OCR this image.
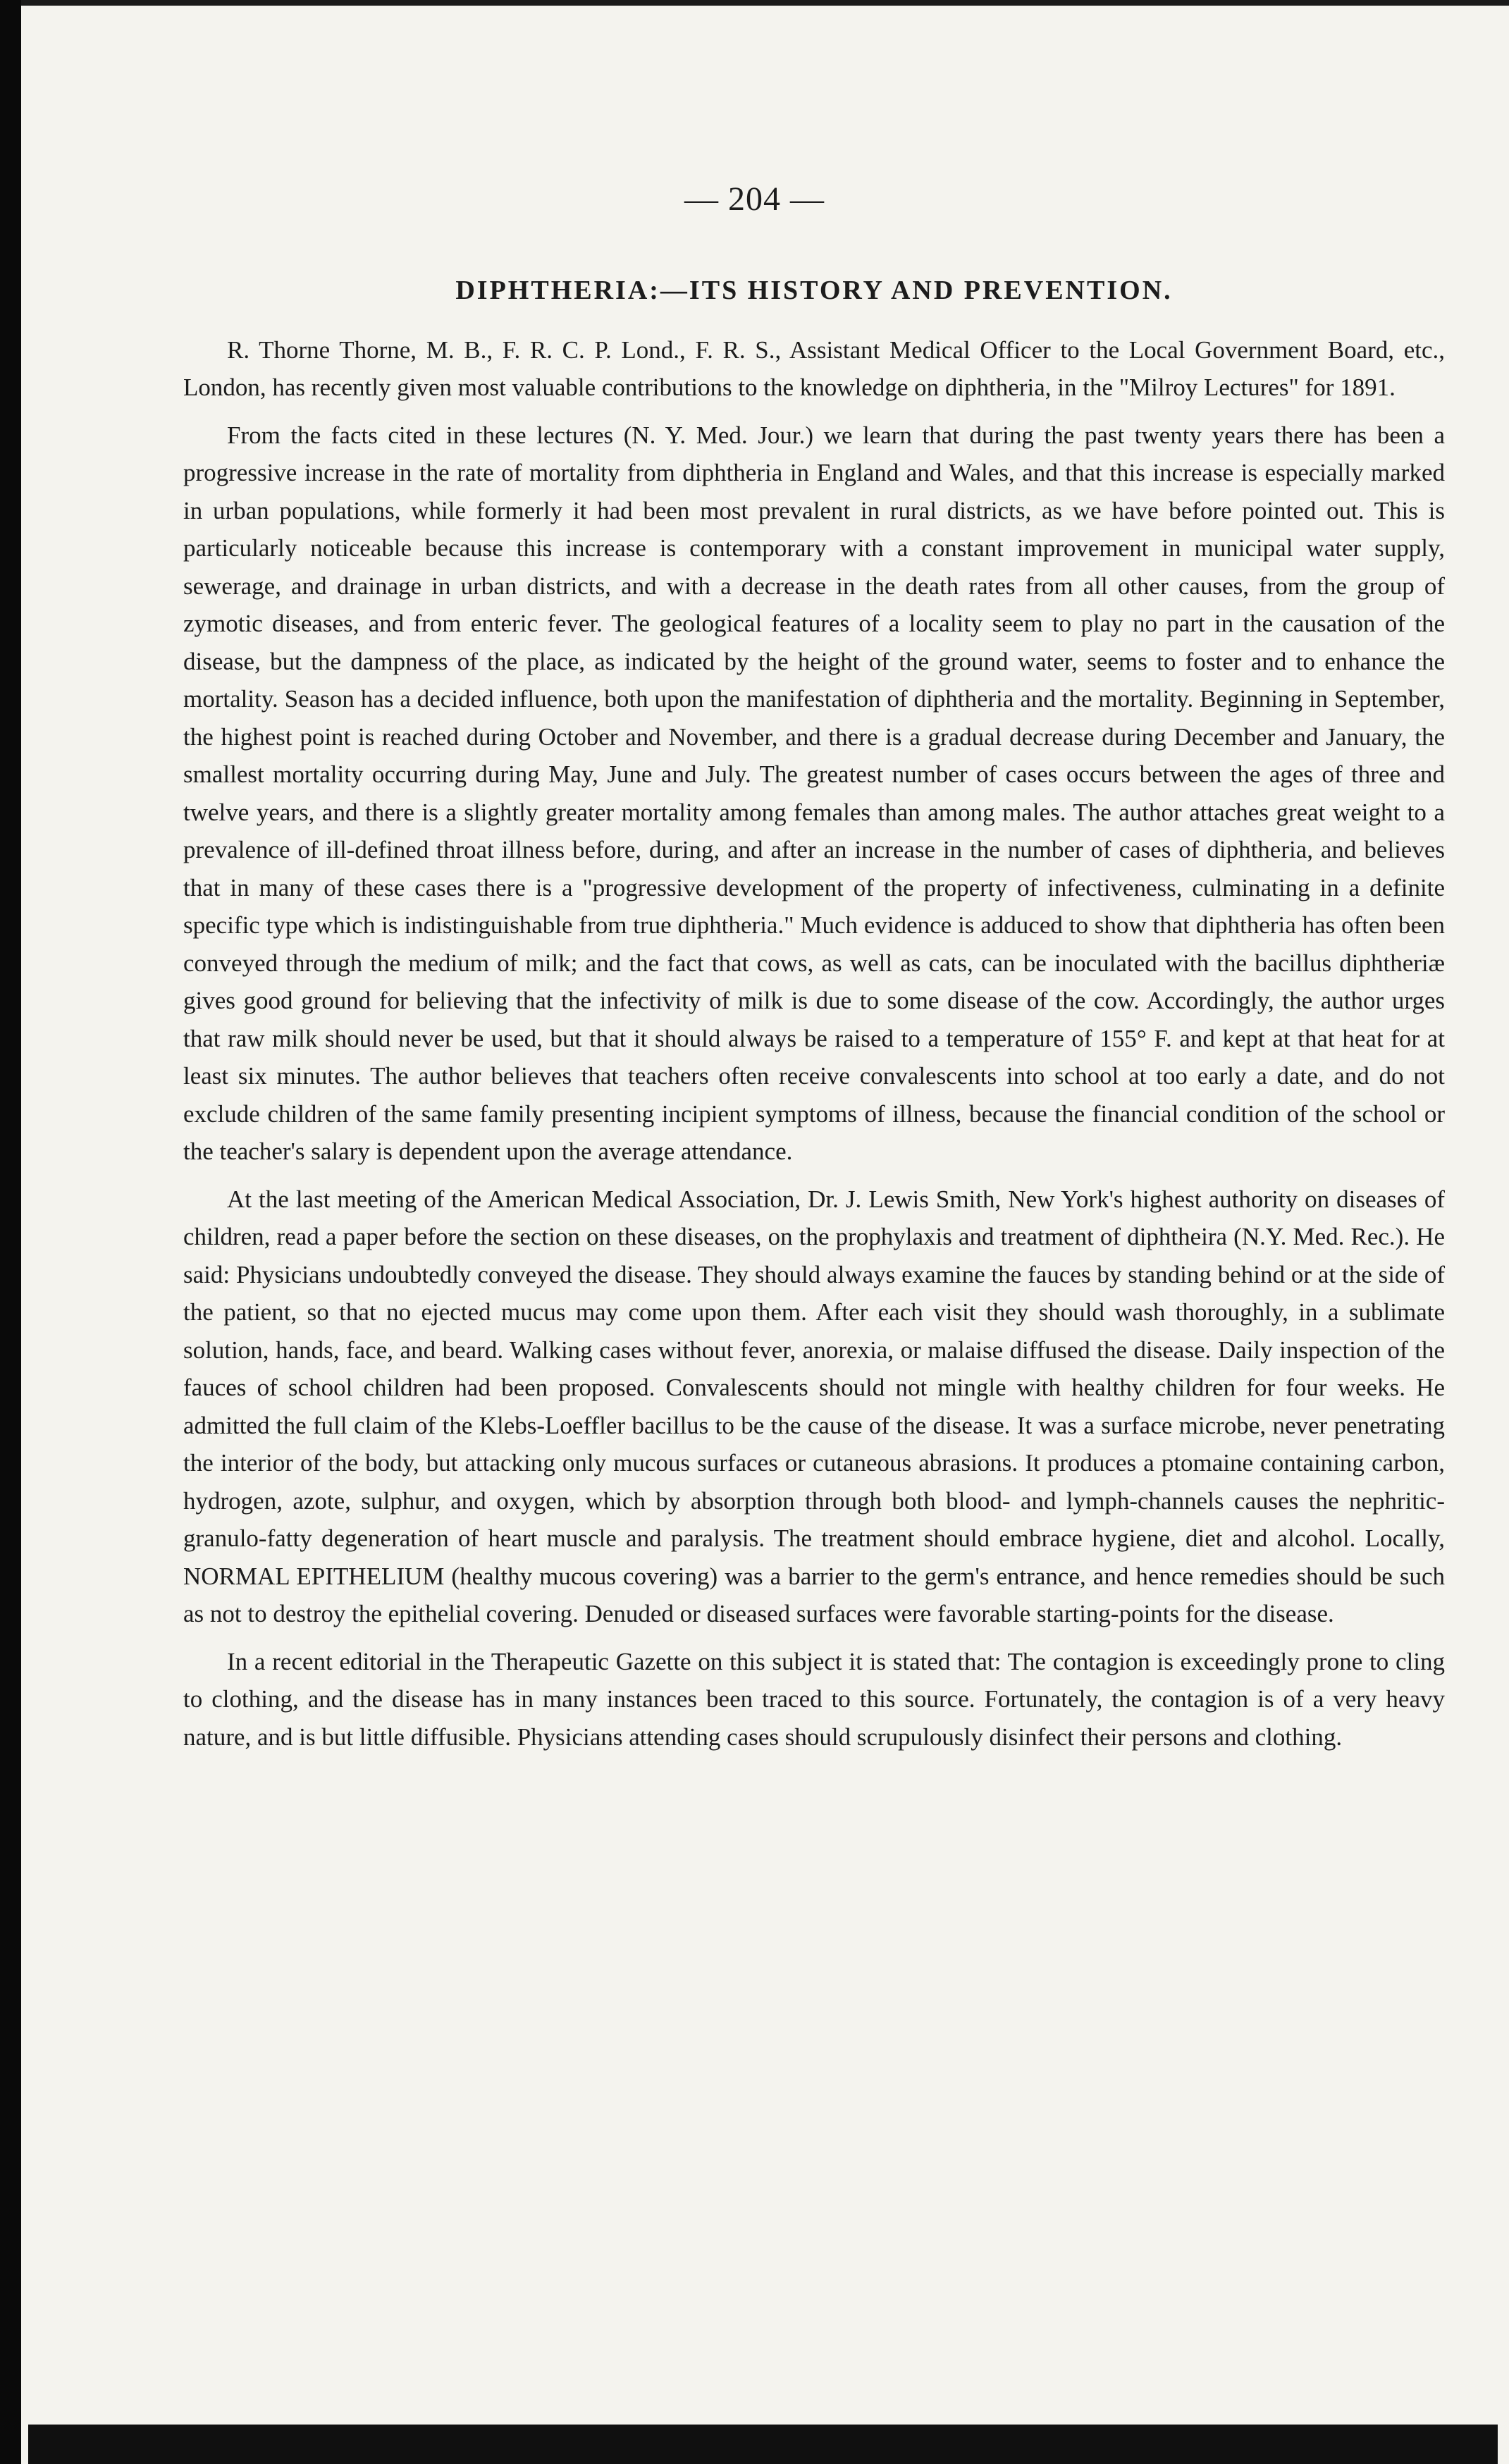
— 204 —
DIPHTHERIA:—ITS HISTORY AND PREVENTION.

R. Thorne Thorne, M. B., F. R. C. P. Lond., F. R. S., Assistant Medical Officer to the Local Government Board, etc., London, has recently given most valuable contributions to the knowledge on diphtheria, in the "Milroy Lectures" for 1891.

From the facts cited in these lectures (N. Y. Med. Jour.) we learn that during the past twenty years there has been a progressive increase in the rate of mortality from diphtheria in England and Wales, and that this increase is especially marked in urban populations, while formerly it had been most prevalent in rural districts, as we have before pointed out. This is particularly noticeable because this increase is contemporary with a constant improvement in municipal water supply, sewerage, and drainage in urban districts, and with a decrease in the death rates from all other causes, from the group of zymotic diseases, and from enteric fever. The geological features of a locality seem to play no part in the causation of the disease, but the dampness of the place, as indicated by the height of the ground water, seems to foster and to enhance the mortality. Season has a decided influence, both upon the manifestation of diphtheria and the mortality. Beginning in September, the highest point is reached during October and November, and there is a gradual decrease during December and January, the smallest mortality occurring during May, June and July. The greatest number of cases occurs between the ages of three and twelve years, and there is a slightly greater mortality among females than among males. The author attaches great weight to a prevalence of ill-defined throat illness before, during, and after an increase in the number of cases of diphtheria, and believes that in many of these cases there is a "progressive development of the property of infectiveness, culminating in a definite specific type which is indistinguishable from true diphtheria." Much evidence is adduced to show that diphtheria has often been conveyed through the medium of milk; and the fact that cows, as well as cats, can be inoculated with the bacillus diphtheriæ gives good ground for believing that the infectivity of milk is due to some disease of the cow. Accordingly, the author urges that raw milk should never be used, but that it should always be raised to a temperature of 155° F. and kept at that heat for at least six minutes. The author believes that teachers often receive convalescents into school at too early a date, and do not exclude children of the same family presenting incipient symptoms of illness, because the financial condition of the school or the teacher's salary is dependent upon the average attendance.

At the last meeting of the American Medical Association, Dr. J. Lewis Smith, New York's highest authority on diseases of children, read a paper before the section on these diseases, on the prophylaxis and treatment of diphtheira (N.Y. Med. Rec.). He said: Physicians undoubtedly conveyed the disease. They should always examine the fauces by standing behind or at the side of the patient, so that no ejected mucus may come upon them. After each visit they should wash thoroughly, in a sublimate solution, hands, face, and beard. Walking cases without fever, anorexia, or malaise diffused the disease. Daily inspection of the fauces of school children had been proposed. Convalescents should not mingle with healthy children for four weeks. He admitted the full claim of the Klebs-Loeffler bacillus to be the cause of the disease. It was a surface microbe, never penetrating the interior of the body, but attacking only mucous surfaces or cutaneous abrasions. It produces a ptomaine containing carbon, hydrogen, azote, sulphur, and oxygen, which by absorption through both blood- and lymph-channels causes the nephritic-granulo-fatty degeneration of heart muscle and paralysis. The treatment should embrace hygiene, diet and alcohol. Locally, NORMAL EPITHELIUM (healthy mucous covering) was a barrier to the germ's entrance, and hence remedies should be such as not to destroy the epithelial covering. Denuded or diseased surfaces were favorable starting-points for the disease.

In a recent editorial in the Therapeutic Gazette on this subject it is stated that: The contagion is exceedingly prone to cling to clothing, and the disease has in many instances been traced to this source. Fortunately, the contagion is of a very heavy nature, and is but little diffusible. Physicians attending cases should scrupulously disinfect their persons and clothing.
